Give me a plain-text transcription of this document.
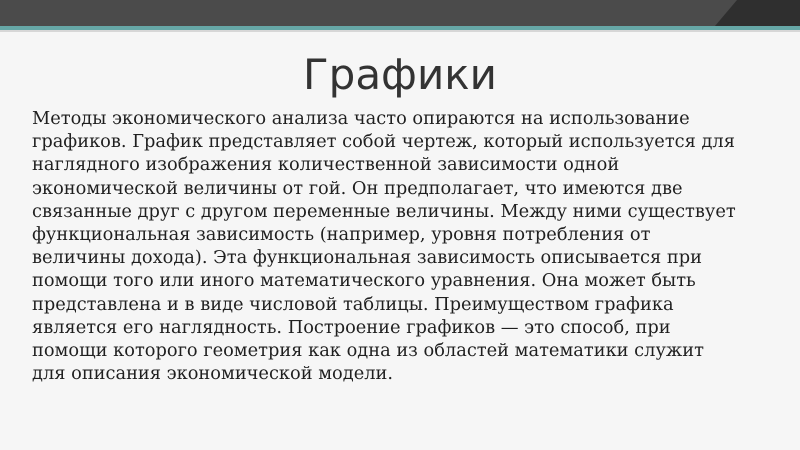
Графики
Методы экономического анализа часто опираются на использование
графиков. График представляет собой чертеж, который используется для
наглядного изображения количественной зависимости одной
экономической величины от гой. Он предполагает, что имеются две
связанные друг с другом переменные величины. Между ними существует
функциональная зависимость (например, уровня потребления от
величины дохода). Эта функциональная зависимость описывается при
помощи того или иного математического уравнения. Она может быть
представлена и в виде числовой таблицы. Преимуществом графика
является его наглядность. Построение графиков — это способ, при
помощи которого геометрия как одна из областей математики служит
для описания экономической модели.
